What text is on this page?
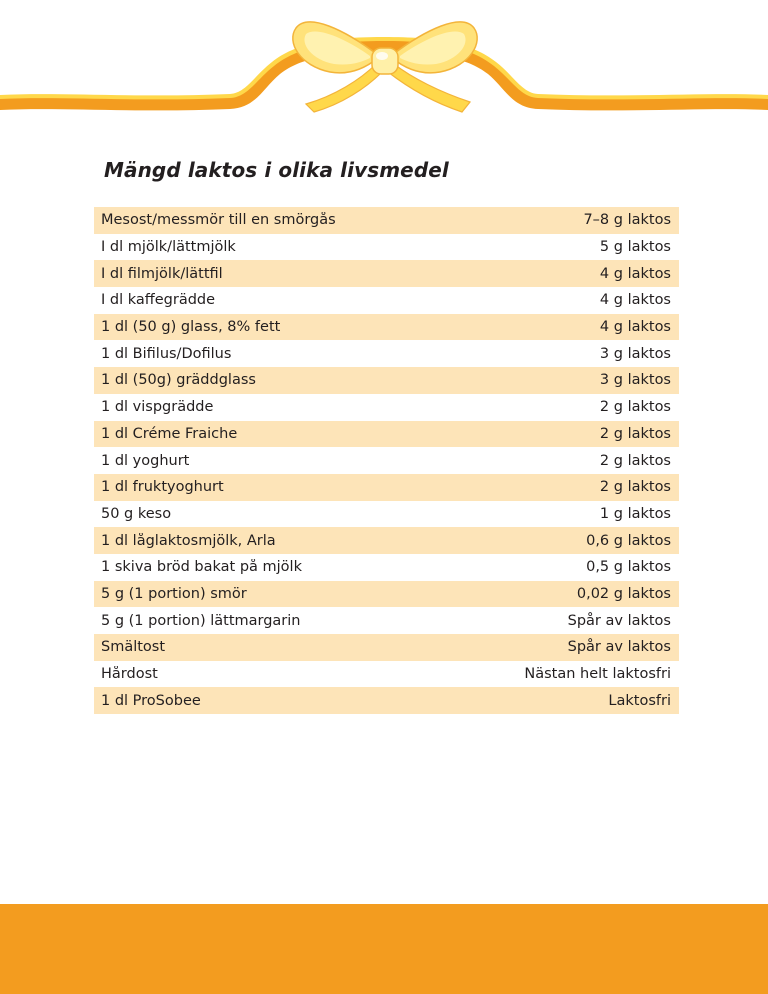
Mängd laktos i olika livsmedel
Mesost/messmör till en smörgås	7–8 g laktos
I dl mjölk/lättmjölk	5 g laktos
I dl filmjölk/lättfil	4 g laktos
I dl kaffegrädde	4 g laktos
1 dl (50 g) glass, 8% fett	4 g laktos
1 dl Bifilus/Dofilus	3 g laktos
1 dl (50g) gräddglass	3 g laktos
1 dl vispgrädde	2 g laktos
1 dl Créme Fraiche	2 g laktos
1 dl yoghurt	2 g laktos
1 dl fruktyoghurt	2 g laktos
50 g keso	1 g laktos
1 dl låglaktosmjölk, Arla	0,6 g laktos
1 skiva bröd bakat på mjölk	0,5 g laktos
5 g (1 portion) smör	0,02 g laktos
5 g (1 portion) lättmargarin	Spår av laktos
Smältost	Spår av laktos
Hårdost	Nästan helt laktosfri
1 dl ProSobee	Laktosfri
